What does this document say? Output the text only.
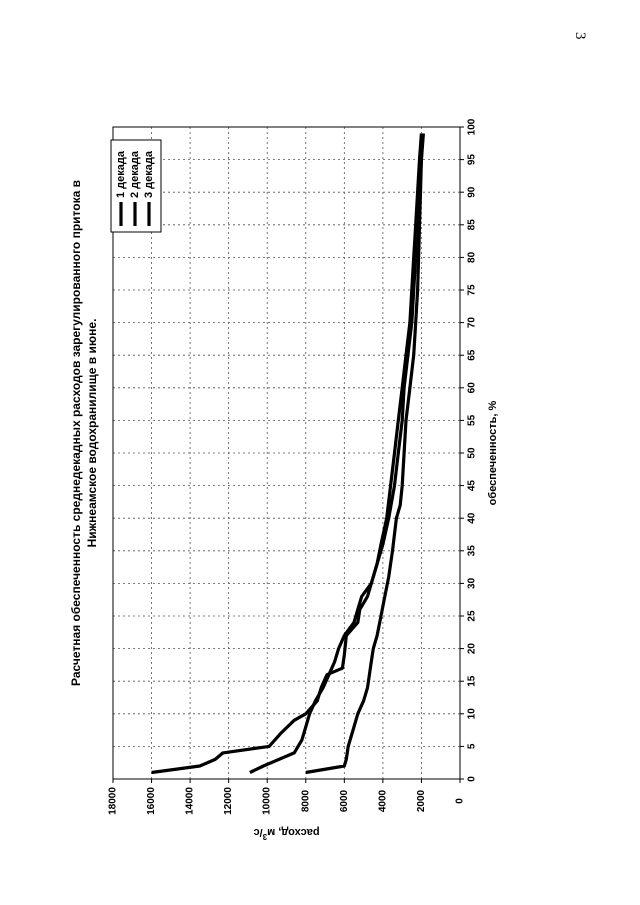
3
0
5
10
15
20
25
30
35
40
45
50
55
60
65
70
75
80
85
90
95
100
0
2000
4000
6000
8000
10000
12000
14000
16000
18000
обеспеченность, %
расход, $м^3/с$
Расчетная обеспеченность среднедекадных расходов зарегулированного притока в Нижнеамское водохранилище в июне.
1 декада 2 декада 3 декада
